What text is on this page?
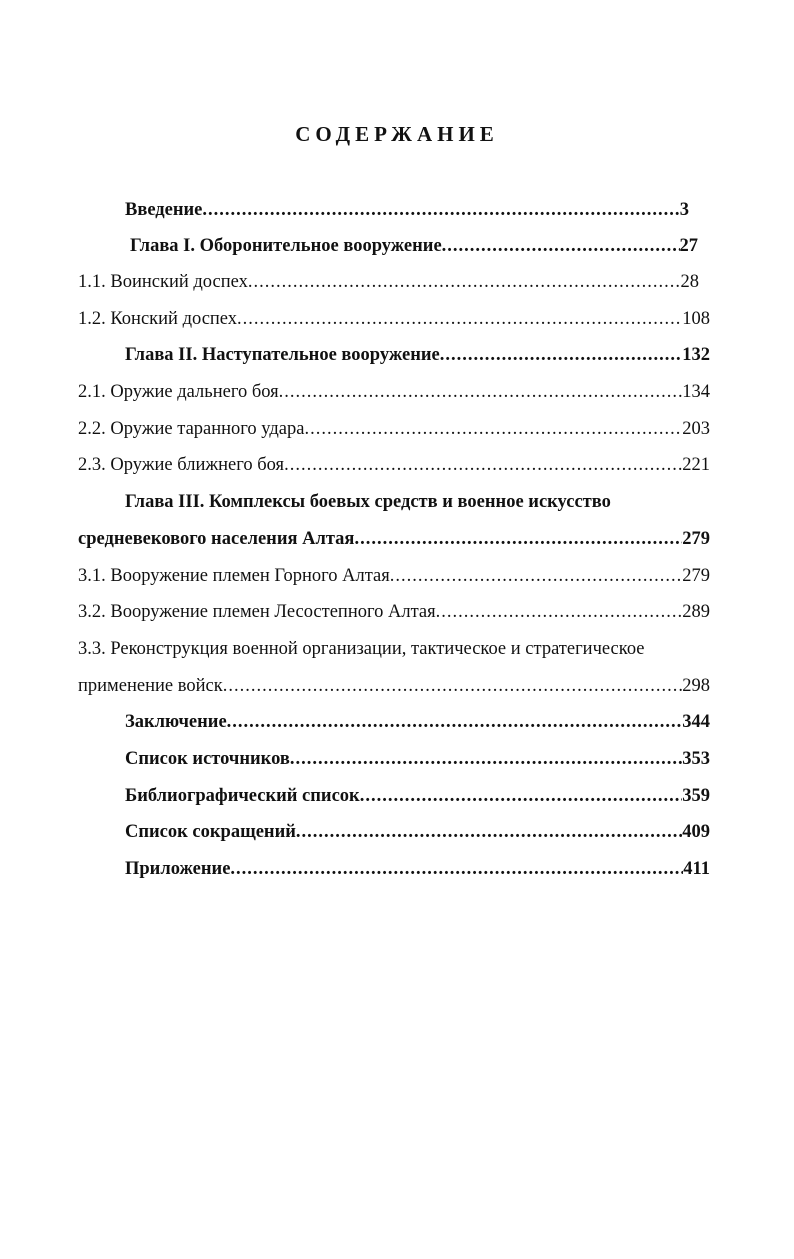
СОДЕРЖАНИЕ
Введение .....	3
Глава I. Оборонительное вооружение .....	27
1.1. Воинский доспех .....	28
1.2. Конский доспех .....	108
Глава II. Наступательное вооружение .....	132
2.1. Оружие дальнего боя .....	134
2.2. Оружие таранного удара .....	203
2.3. Оружие ближнего боя .....	221
Глава III. Комплексы боевых средств и военное искусство
средневекового населения Алтая .....	279
3.1. Вооружение племен Горного Алтая .....	279
3.2. Вооружение племен Лесостепного Алтая .....	289
3.3. Реконструкция военной организации, тактическое и стратегическое
применение войск .....	298
Заключение .....	344
Список источников .....	353
Библиографический список .....	359
Список сокращений .....	409
Приложение .....	411
